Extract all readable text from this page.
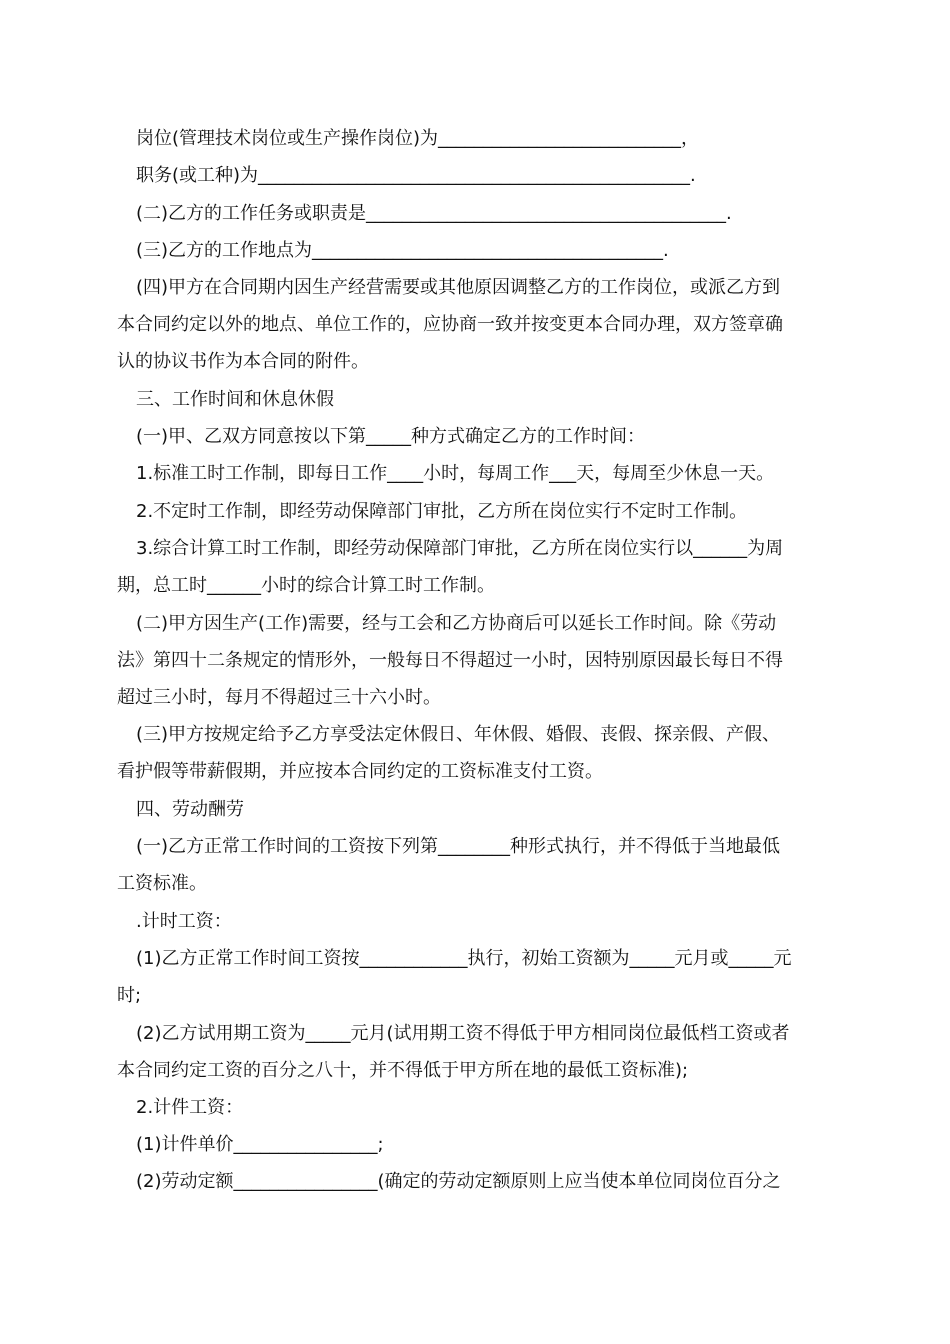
岗位(管理技术岗位或生产操作岗位)为___________________________，
职务(或工种)为________________________________________________.
(二)乙方的工作任务或职责是________________________________________.
(三)乙方的工作地点为_______________________________________.
(四)甲方在合同期内因生产经营需要或其他原因调整乙方的工作岗位，或派乙方到
本合同约定以外的地点、单位工作的，应协商一致并按变更本合同办理，双方签章确
认的协议书作为本合同的附件。
三、工作时间和休息休假
(一)甲、乙双方同意按以下第_____种方式确定乙方的工作时间：
1.标准工时工作制，即每日工作____小时，每周工作___天，每周至少休息一天。
2.不定时工作制，即经劳动保障部门审批，乙方所在岗位实行不定时工作制。
3.综合计算工时工作制，即经劳动保障部门审批，乙方所在岗位实行以______为周
期，总工时______小时的综合计算工时工作制。
(二)甲方因生产(工作)需要，经与工会和乙方协商后可以延长工作时间。除《劳动
法》第四十二条规定的情形外，一般每日不得超过一小时，因特别原因最长每日不得
超过三小时，每月不得超过三十六小时。
(三)甲方按规定给予乙方享受法定休假日、年休假、婚假、丧假、探亲假、产假、
看护假等带薪假期，并应按本合同约定的工资标准支付工资。
四、劳动酬劳
(一)乙方正常工作时间的工资按下列第________种形式执行，并不得低于当地最低
工资标准。
.计时工资：
(1)乙方正常工作时间工资按____________执行，初始工资额为_____元月或_____元
时;
(2)乙方试用期工资为_____元月(试用期工资不得低于甲方相同岗位最低档工资或者
本合同约定工资的百分之八十，并不得低于甲方所在地的最低工资标准);
2.计件工资：
(1)计件单价________________;
(2)劳动定额________________(确定的劳动定额原则上应当使本单位同岗位百分之
